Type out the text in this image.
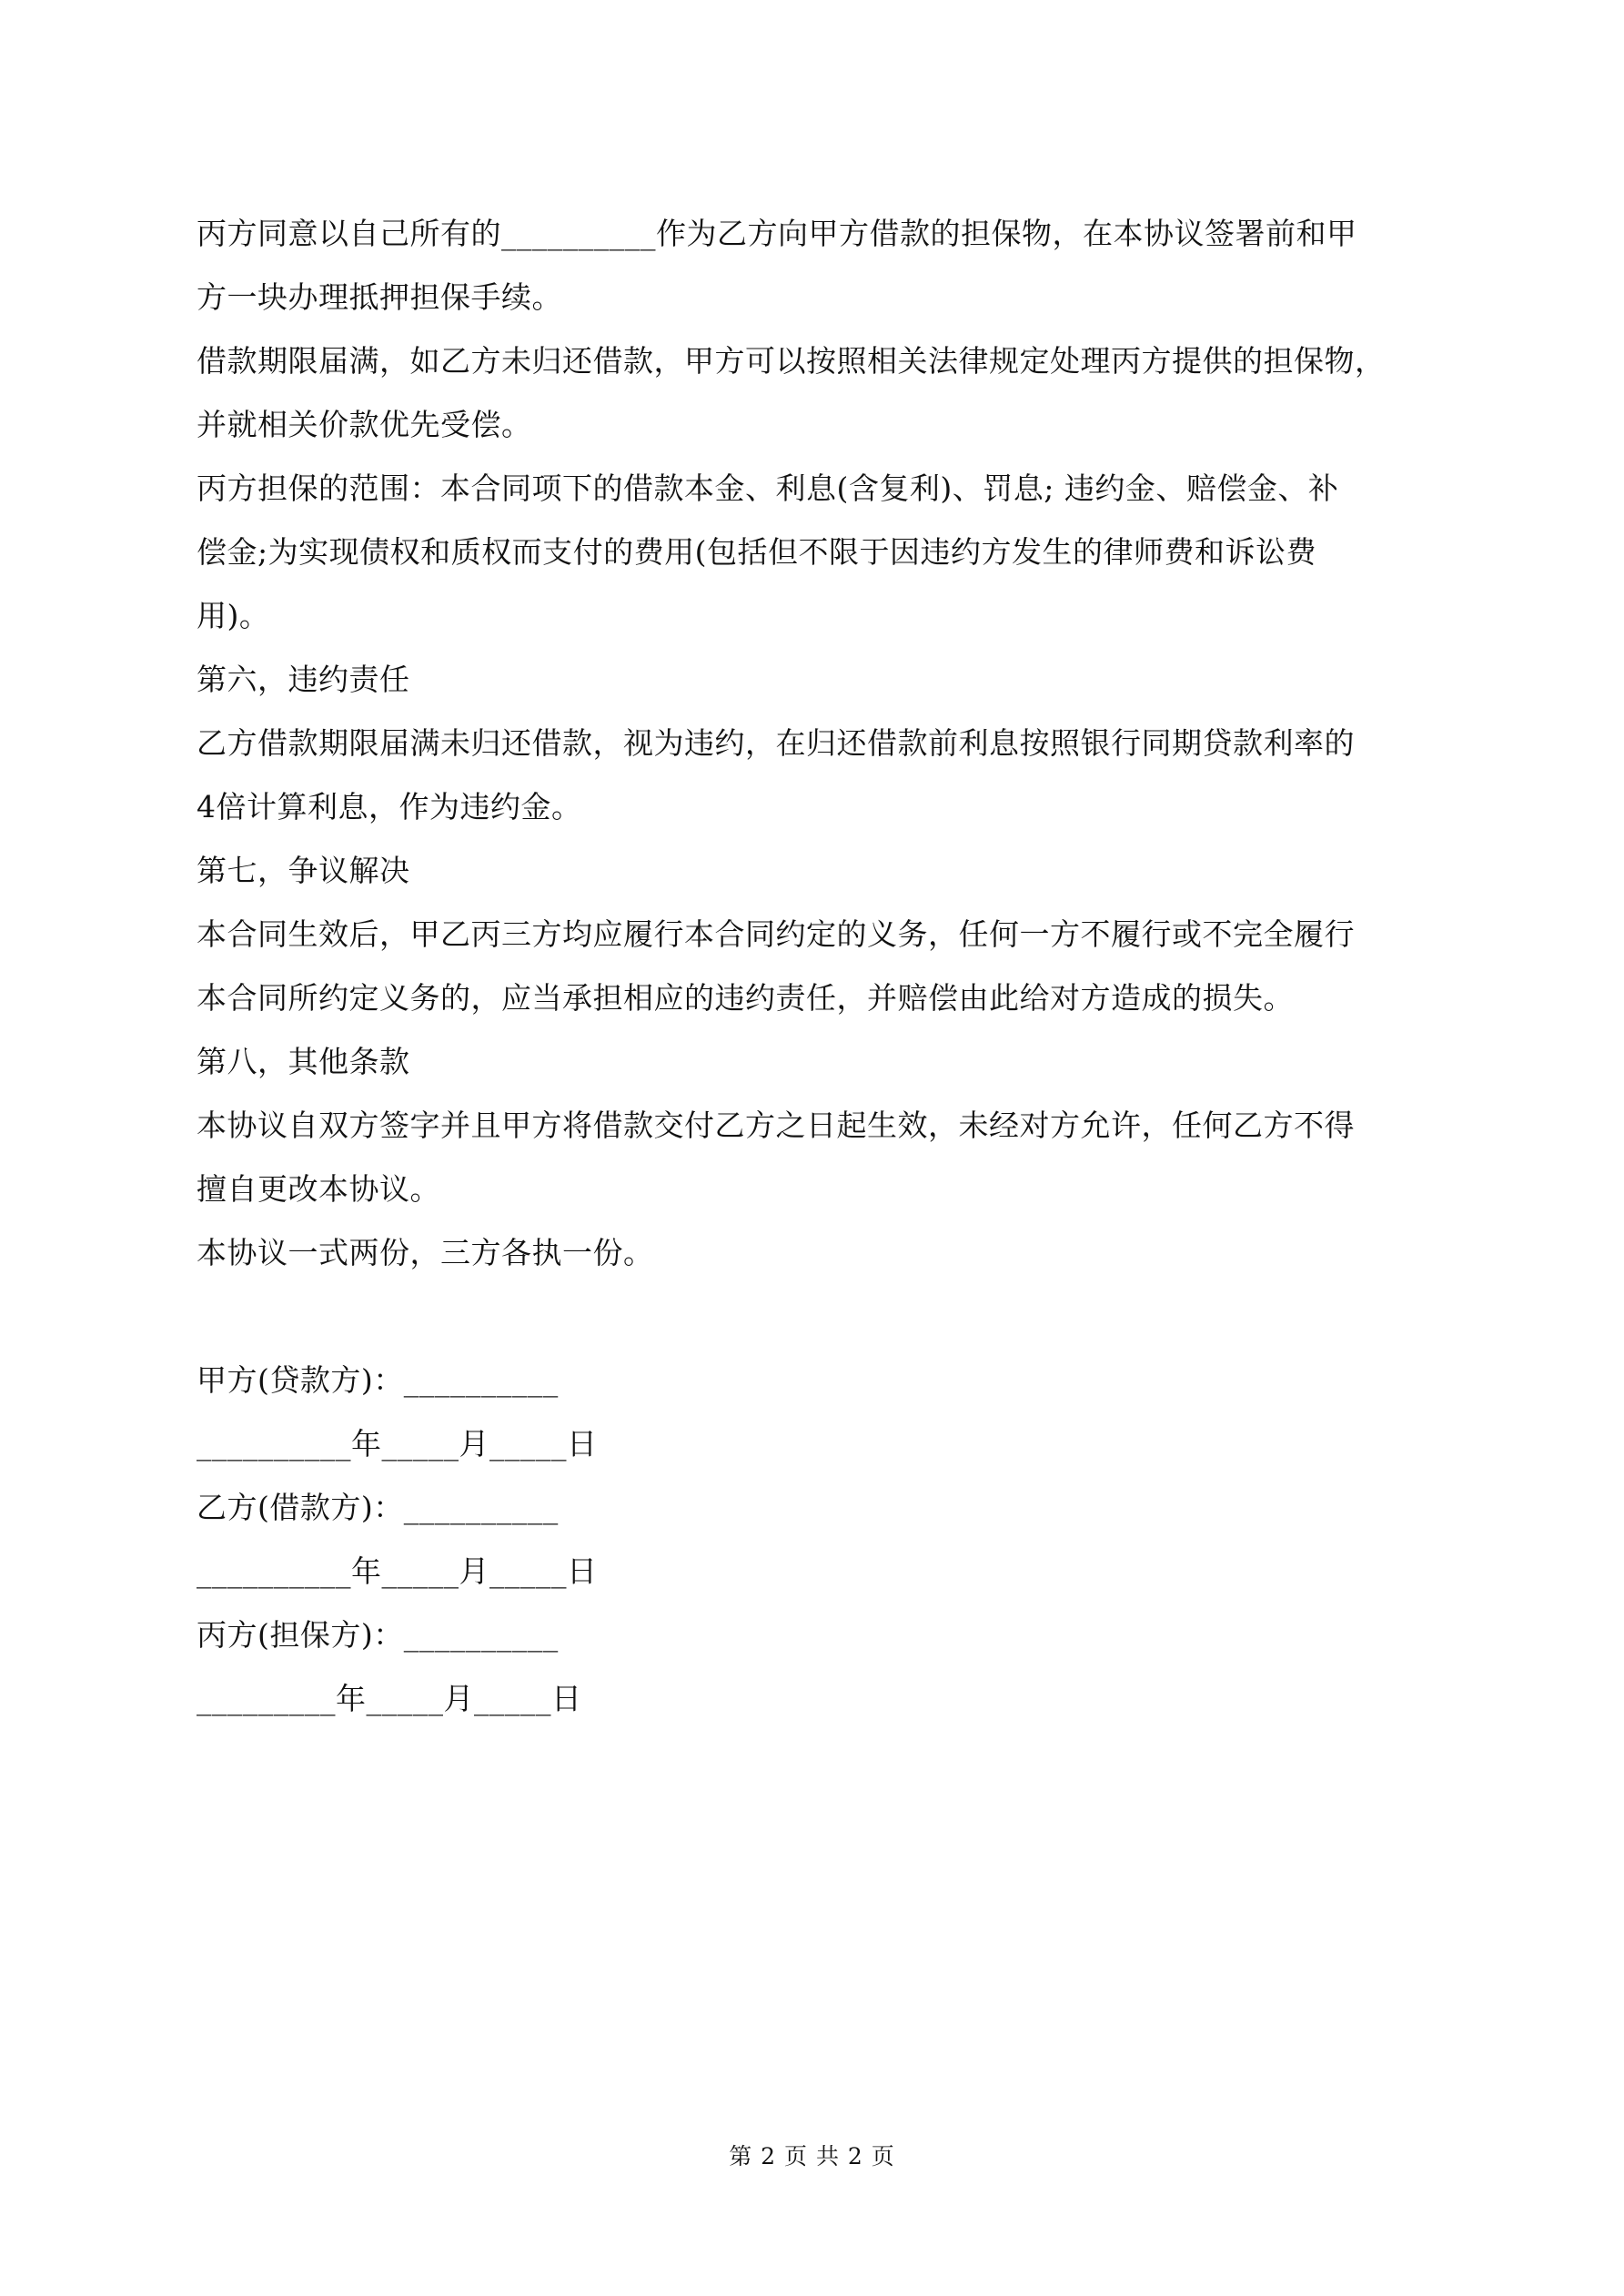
丙方同意以自己所有的__________作为乙方向甲方借款的担保物，在本协议签署前和甲
方一块办理抵押担保手续。
借款期限届满，如乙方未归还借款，甲方可以按照相关法律规定处理丙方提供的担保物，
并就相关价款优先受偿。
丙方担保的范围：本合同项下的借款本金、利息(含复利)、罚息; 违约金、赔偿金、补
偿金;为实现债权和质权而支付的费用(包括但不限于因违约方发生的律师费和诉讼费
用)。
第六，违约责任
乙方借款期限届满未归还借款，视为违约，在归还借款前利息按照银行同期贷款利率的
4倍计算利息，作为违约金。
第七，争议解决
本合同生效后，甲乙丙三方均应履行本合同约定的义务，任何一方不履行或不完全履行
本合同所约定义务的，应当承担相应的违约责任，并赔偿由此给对方造成的损失。
第八，其他条款
本协议自双方签字并且甲方将借款交付乙方之日起生效，未经对方允许，任何乙方不得
擅自更改本协议。
本协议一式两份，三方各执一份。
甲方(贷款方)：__________
__________年_____月_____日
乙方(借款方)：__________
__________年_____月_____日
丙方(担保方)：__________
_________年_____月_____日
第 2 页 共 2 页
